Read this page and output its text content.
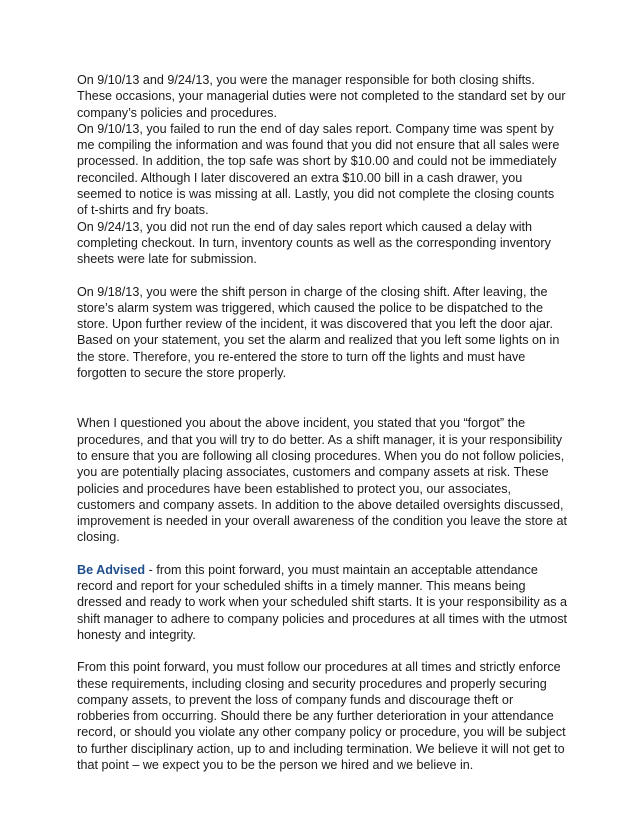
On 9/10/13 and 9/24/13, you were the manager responsible for both closing shifts.
These occasions, your managerial duties were not completed to the standard set by our
company’s policies and procedures.
On 9/10/13, you failed to run the end of day sales report. Company time was spent by
me compiling the information and was found that you did not ensure that all sales were
processed. In addition, the top safe was short by $10.00 and could not be immediately
reconciled. Although I later discovered an extra $10.00 bill in a cash drawer, you
seemed to notice is was missing at all. Lastly, you did not complete the closing counts
of t-shirts and fry boats.
On 9/24/13, you did not run the end of day sales report which caused a delay with
completing checkout. In turn, inventory counts as well as the corresponding inventory
sheets were late for submission.
On 9/18/13, you were the shift person in charge of the closing shift. After leaving, the
store’s alarm system was triggered, which caused the police to be dispatched to the
store. Upon further review of the incident, it was discovered that you left the door ajar.
Based on your statement, you set the alarm and realized that you left some lights on in
the store. Therefore, you re-entered the store to turn off the lights and must have
forgotten to secure the store properly.
When I questioned you about the above incident, you stated that you “forgot” the
procedures, and that you will try to do better. As a shift manager, it is your responsibility
to ensure that you are following all closing procedures. When you do not follow policies,
you are potentially placing associates, customers and company assets at risk. These
policies and procedures have been established to protect you, our associates,
customers and company assets. In addition to the above detailed oversights discussed,
improvement is needed in your overall awareness of the condition you leave the store at
closing.
Be Advised - from this point forward, you must maintain an acceptable attendance
record and report for your scheduled shifts in a timely manner. This means being
dressed and ready to work when your scheduled shift starts. It is your responsibility as a
shift manager to adhere to company policies and procedures at all times with the utmost
honesty and integrity.
From this point forward, you must follow our procedures at all times and strictly enforce
these requirements, including closing and security procedures and properly securing
company assets, to prevent the loss of company funds and discourage theft or
robberies from occurring. Should there be any further deterioration in your attendance
record, or should you violate any other company policy or procedure, you will be subject
to further disciplinary action, up to and including termination. We believe it will not get to
that point – we expect you to be the person we hired and we believe in.
